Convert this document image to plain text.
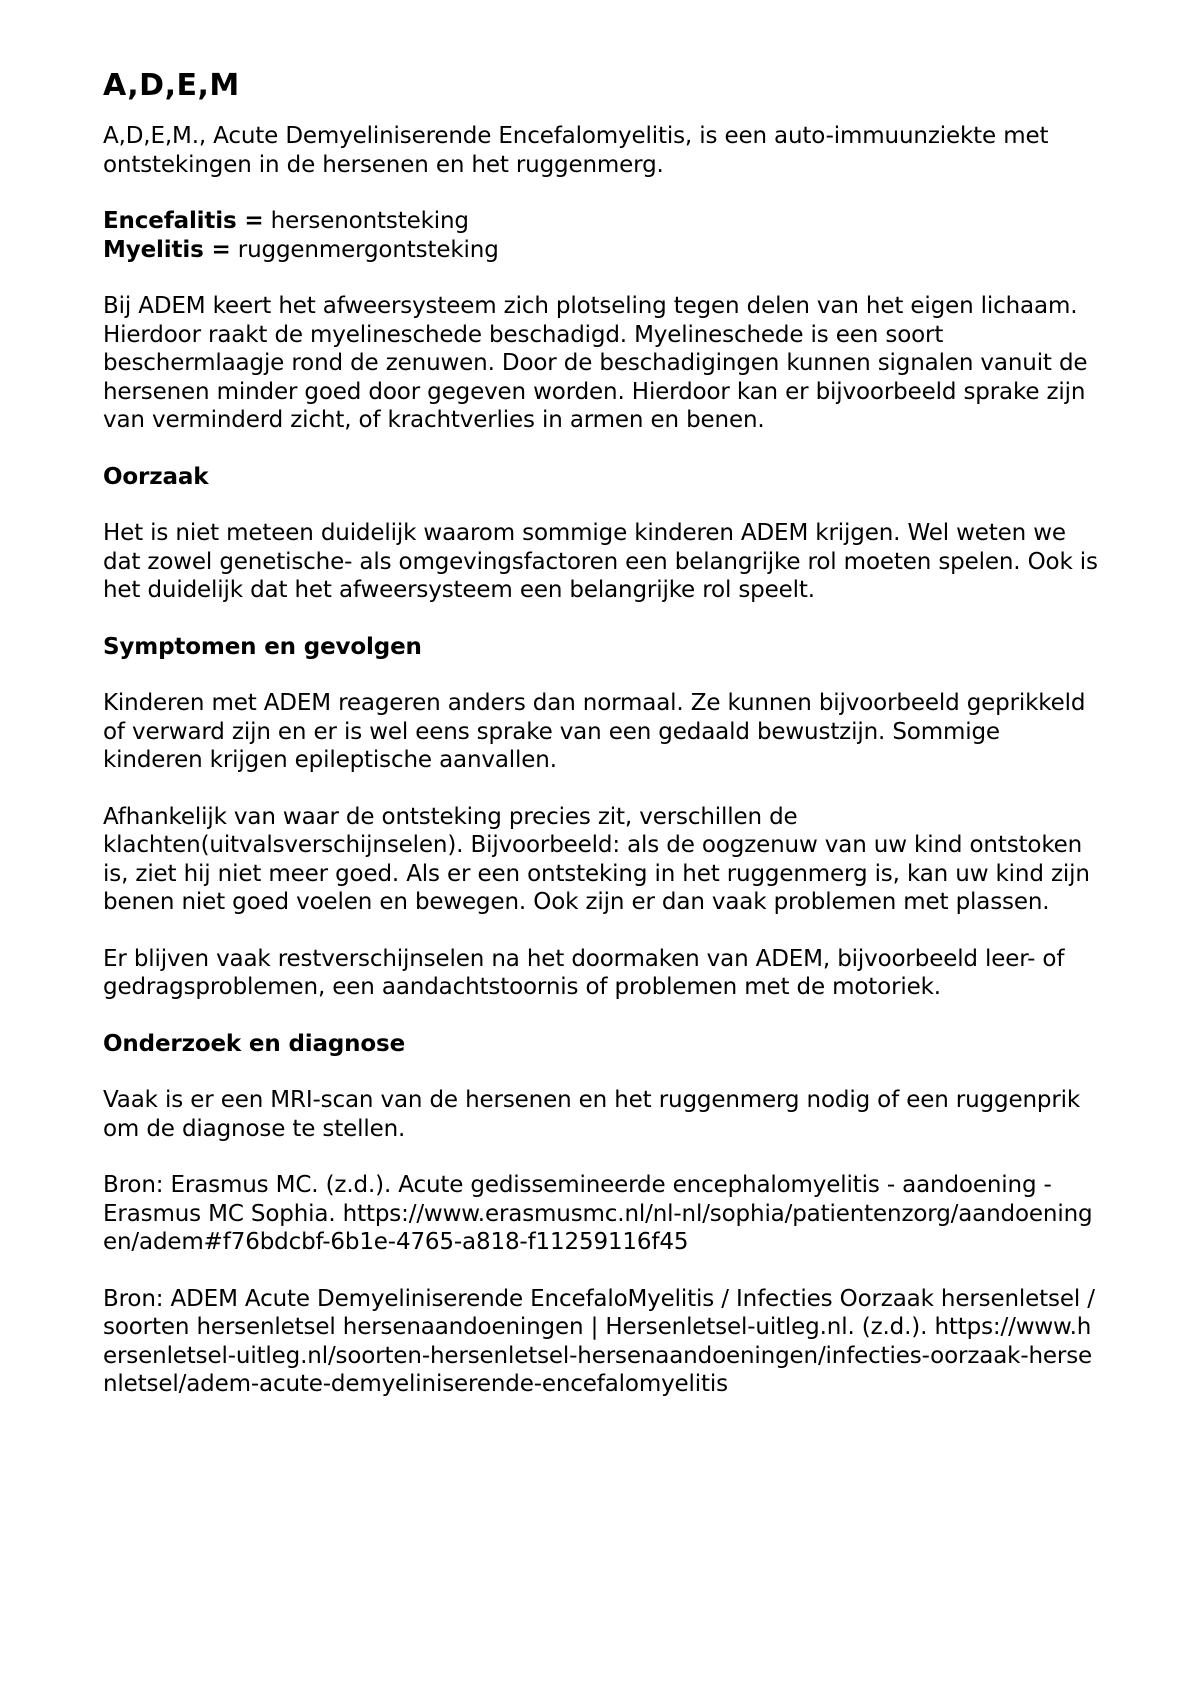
A,D,E,M

A,D,E,M., Acute Demyeliniserende Encefalomyelitis, is een auto-immuunziekte met ontstekingen in de hersenen en het ruggenmerg.

Encefalitis = hersenontsteking

Myelitis = ruggenmergontsteking

Bij ADEM keert het afweersysteem zich plotseling tegen delen van het eigen lichaam. Hierdoor raakt de myelineschede beschadigd. Myelineschede is een soort beschermlaagje rond de zenuwen. Door de beschadigingen kunnen signalen vanuit de hersenen minder goed door gegeven worden. Hierdoor kan er bijvoorbeeld sprake zijn van verminderd zicht, of krachtverlies in armen en benen.

Oorzaak

Het is niet meteen duidelijk waarom sommige kinderen ADEM krijgen. Wel weten we dat zowel genetische- als omgevingsfactoren een belangrijke rol moeten spelen. Ook is het duidelijk dat het afweersysteem een belangrijke rol speelt.

Symptomen en gevolgen

Kinderen met ADEM reageren anders dan normaal. Ze kunnen bijvoorbeeld geprikkeld of verward zijn en er is wel eens sprake van een gedaald bewustzijn. Sommige kinderen krijgen epileptische aanvallen.

Afhankelijk van waar de ontsteking precies zit, verschillen de klachten(uitvalsverschijnselen). Bijvoorbeeld: als de oogzenuw van uw kind ontstoken is, ziet hij niet meer goed. Als er een ontsteking in het ruggenmerg is, kan uw kind zijn benen niet goed voelen en bewegen. Ook zijn er dan vaak problemen met plassen.

Er blijven vaak restverschijnselen na het doormaken van ADEM, bijvoorbeeld leer- of gedragsproblemen, een aandachtstoornis of problemen met de motoriek.

Onderzoek en diagnose

Vaak is er een MRI-scan van de hersenen en het ruggenmerg nodig of een ruggenprik om de diagnose te stellen.

Bron: Erasmus MC. (z.d.). Acute gedissemineerde encephalomyelitis - aandoening - Erasmus MC Sophia. https://www.erasmusmc.nl/nl-nl/sophia/patientenzorg/aandoeningen/adem#f76bdcbf-6b1e-4765-a818-f11259116f45

Bron: ADEM Acute Demyeliniserende EncefaloMyelitis / Infecties Oorzaak hersenletsel / soorten hersenletsel hersenaandoeningen | Hersenletsel-uitleg.nl. (z.d.). https://www.hersenletsel-uitleg.nl/soorten-hersenletsel-hersenaandoeningen/infecties-oorzaak-hersenletsel/adem-acute-demyeliniserende-encefalomyelitis
